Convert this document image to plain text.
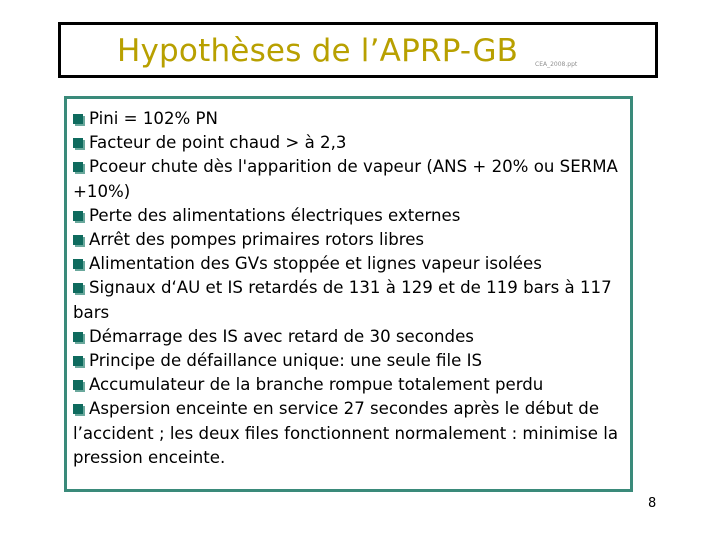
Hypothèses de l’APRP-GB	CEA_2008.ppt
Pini = 102% PN
Facteur de point chaud > à 2,3
Pcoeur chute dès l'apparition de vapeur (ANS + 20% ou SERMA +10%)
Perte des alimentations électriques externes
Arrêt des pompes primaires rotors libres
Alimentation des GVs stoppée et lignes vapeur isolées
Signaux d‘AU et IS retardés de 131 à 129 et de 119 bars à 117 bars
Démarrage des IS avec retard de 30 secondes
Principe de défaillance unique: une seule file IS
Accumulateur de la branche rompue totalement perdu
Aspersion enceinte en service 27 secondes après le début de l’accident ; les deux files fonctionnent normalement : minimise la pression enceinte.
8
